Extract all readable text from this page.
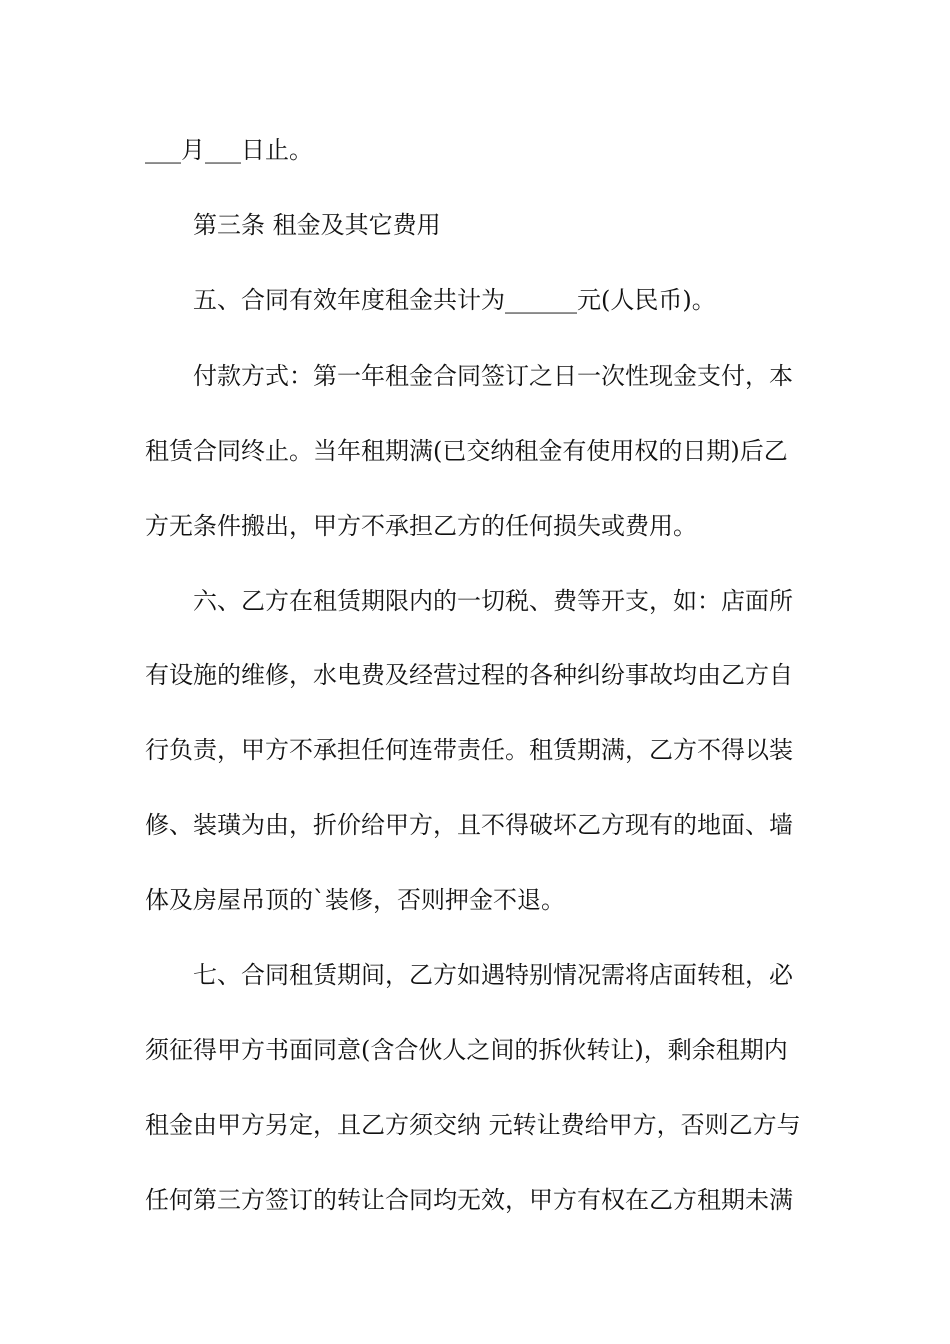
___月___日止。
第三条 租金及其它费用
五、合同有效年度租金共计为______元(人民币)。
付款方式：第一年租金合同签订之日一次性现金支付，本
租赁合同终止。当年租期满(已交纳租金有使用权的日期)后乙
方无条件搬出，甲方不承担乙方的任何损失或费用。
六、乙方在租赁期限内的一切税、费等开支，如：店面所
有设施的维修，水电费及经营过程的各种纠纷事故均由乙方自
行负责，甲方不承担任何连带责任。租赁期满，乙方不得以装
修、装璜为由，折价给甲方，且不得破坏乙方现有的地面、墙
体及房屋吊顶的`装修，否则押金不退。
七、合同租赁期间，乙方如遇特别情况需将店面转租，必
须征得甲方书面同意(含合伙人之间的拆伙转让)，剩余租期内
租金由甲方另定，且乙方须交纳 元转让费给甲方，否则乙方与
任何第三方签订的转让合同均无效，甲方有权在乙方租期未满
